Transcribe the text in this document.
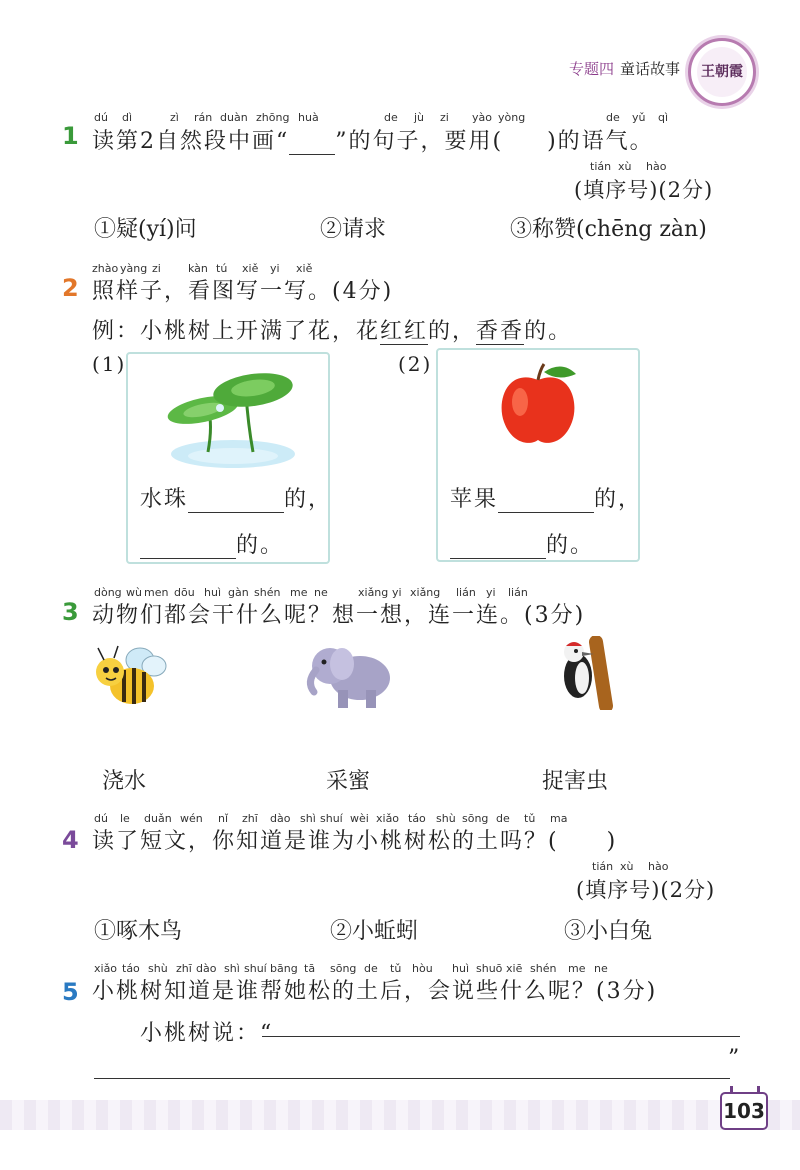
专题四 童话故事 王朝霞
1
dú dì	zì rán duàn zhōng huà	de jù zi yào yòng	de yǔ qì
读第2自然段中画“ ”的句子，要用( )的语气。
tián xù hào
(填序号)(2分)
①疑(yí)问	②请求	③称赞(chēng zàn)
2
zhào yàng zi kàn tú xiě yi xiě
照样子，看图写一写。(4分)
例：小桃树上开满了花，花红红的，香香的。
(1)
水珠	的，
的。
(2)
苹果	的，
的。
3
dòng wù men dōu huì gàn shén me ne	xiǎng yi xiǎng lián yi lián
动物们都会干什么呢？想一想，连一连。(3分)
浇水	采蜜	捉害虫
4
dú le duǎn wén nǐ zhī dào shì shuí wèi xiǎo táo shù sōng de tǔ ma
读了短文，你知道是谁为小桃树松的土吗？(　　)
tián xù hào
(填序号)(2分)
①啄木鸟	②小蚯蚓	③小白兔
5
xiǎo táo shù zhī dào shì shuí bāng tā sōng de tǔ hòu huì shuō xiē shén me ne
小桃树知道是谁帮她松的土后，会说些什么呢？(3分)
小桃树说：“
”
103
